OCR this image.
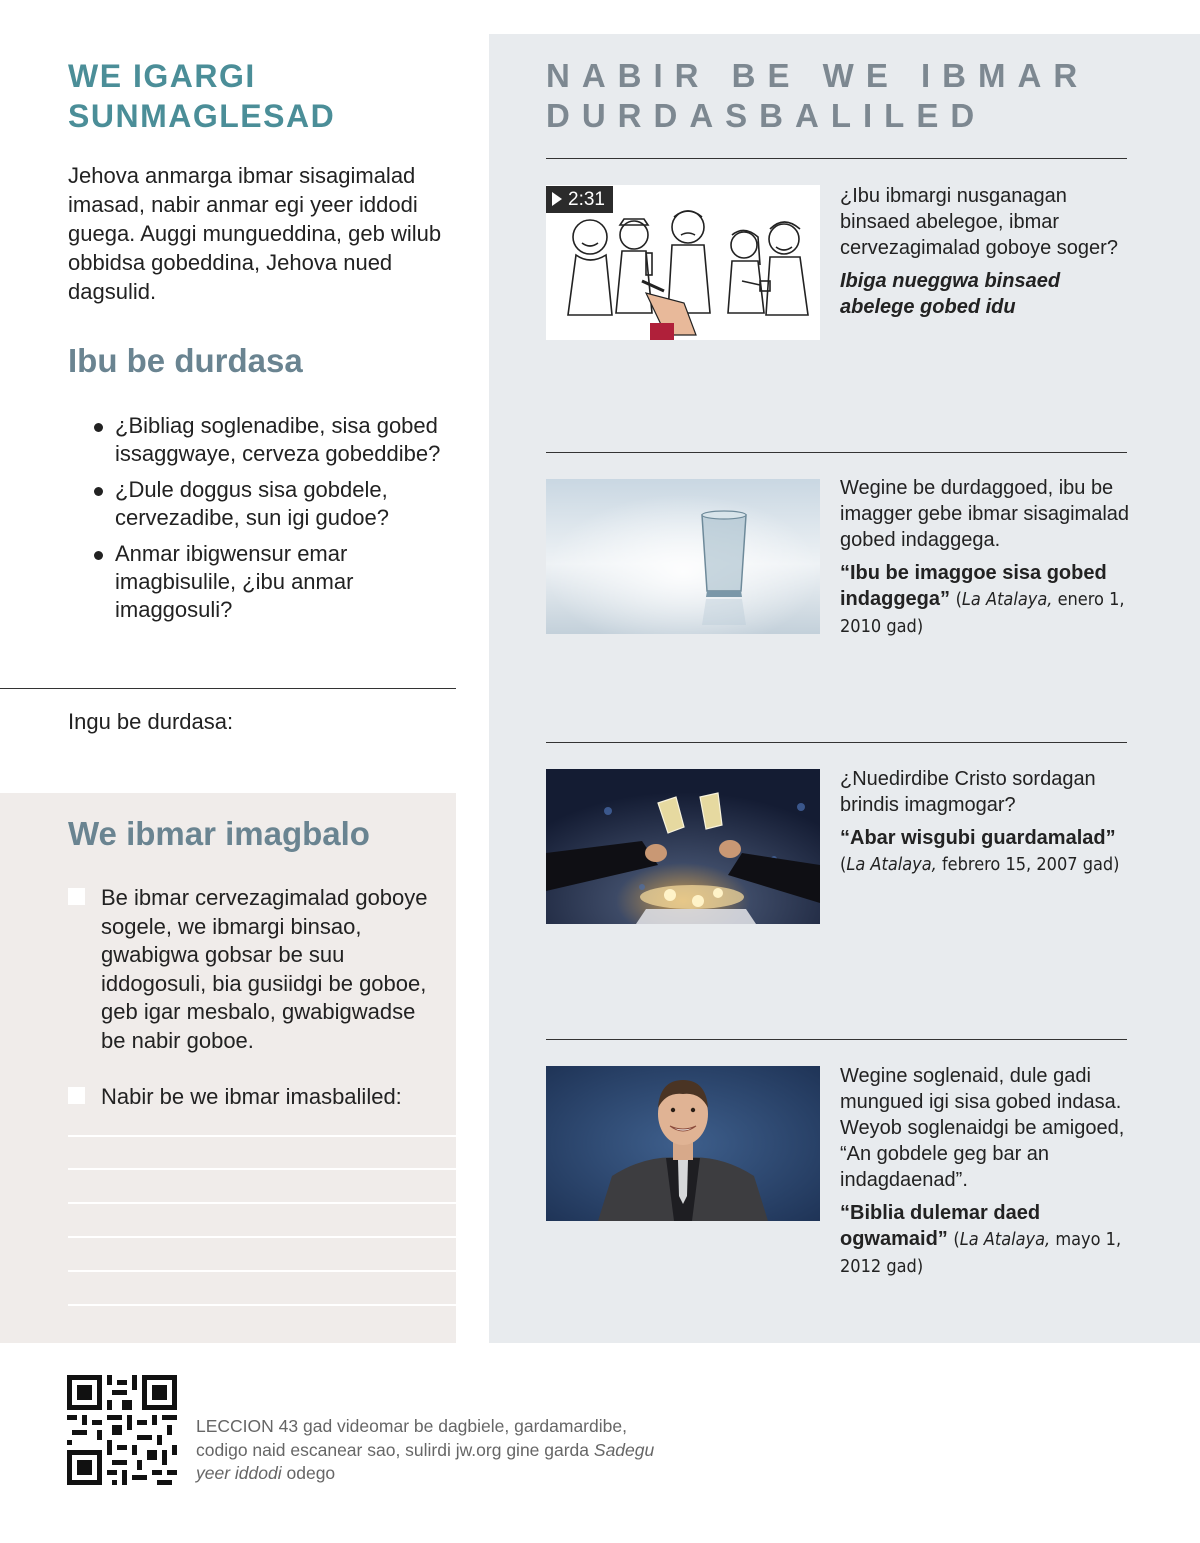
WE IGARGI SUNMAGLESAD

Jehova anmarga ibmar sisagimalad imasad, nabir anmar egi yeer iddodi guega. Auggi mungueddina, geb wilub obbidsa gobeddina, Jehova nued dagsulid.

Ibu be durdasa
¿Bibliag soglenadibe, sisa gobed issaggwaye, cerveza gobeddibe?
¿Dule doggus sisa gobdele, cervezadibe, sun igi gudoe?
Anmar ibigwensur emar imagbisulile, ¿ibu anmar imaggosuli?

Ingu be durdasa:

We ibmar imagbalo

Be ibmar cervezagimalad goboye sogele, we ibmargi binsao, gwabigwa gobsar be suu iddogosuli, bia gusiidgi be goboe, geb igar mesbalo, gwabigwadse be nabir goboe.

Nabir be we ibmar imasbaliled:

NABIR BE WE IBMAR DURDASBALILED
2:31	¿Ibu ibmargi nusganagan binsaed abelegoe, ibmar cervezagimalad goboye soger?

Ibiga nueggwa binsaed abelege gobed idu

Wegine be durdaggoed, ibu be imagger gebe ibmar sisagimalad gobed indaggega.

“Ibu be imaggoe sisa gobed indaggega” (La Atalaya, enero 1, 2010 gad)

¿Nuedirdibe Cristo sordagan brindis imagmogar?

“Abar wisgubi guardamalad” (La Atalaya, febrero 15, 2007 gad)

Wegine soglenaid, dule gadi mungued igi sisa gobed indasa. Weyob soglenaidgi be amigoed, “An gobdele geg bar an indagdaenad”.

“Biblia dulemar daed ogwamaid” (La Atalaya, mayo 1, 2012 gad)

LECCION 43 gad videomar be dagbiele, gardamardibe, codigo naid escanear sao, sulirdi jw.org gine garda Sadegu yeer iddodi odego
